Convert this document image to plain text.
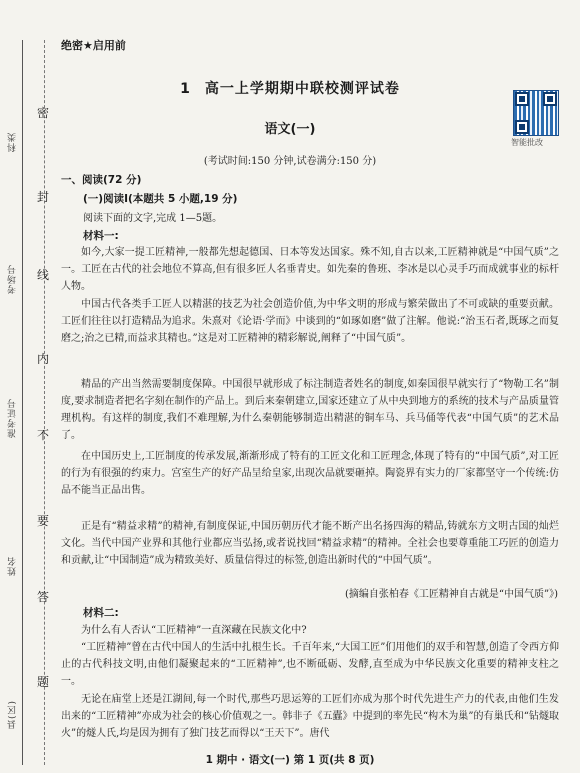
科类
考场号
准考证号
姓名
县(区)
密
封
线
内
不
要
答
题
绝密★启用前
1 高一上学期期中联校测评试卷
智能批改
语文(一)
(考试时间:150 分钟,试卷满分:150 分)
一、阅读(72 分)
(一)阅读Ⅰ(本题共 5 小题,19 分)
阅读下面的文字,完成 1—5题。
材料一:

如今,大家一提工匠精神,一般都先想起德国、日本等发达国家。殊不知,自古以来,工匠精神就是“中国气质”之一。工匠在古代的社会地位不算高,但有很多匠人名垂青史。如先秦的鲁班、李冰是以心灵手巧而成就事业的标杆人物。

中国古代各类手工匠人以精湛的技艺为社会创造价值,为中华文明的形成与繁荣做出了不可或缺的重要贡献。工匠们往往以打造精品为追求。朱熹对《论语·学而》中谈到的“如琢如磨”做了注解。他说:“治玉石者,既琢之而复磨之;治之已精,而益求其精也。”这是对工匠精神的精彩解说,阐释了“中国气质”。

精品的产出当然需要制度保障。中国很早就形成了标注制造者姓名的制度,如秦国很早就实行了“物勒工名”制度,要求制造者把名字刻在制作的产品上。到后来秦朝建立,国家还建立了从中央到地方的系统的技术与产品质量管理机构。有这样的制度,我们不难理解,为什么秦朝能够制造出精湛的铜车马、兵马俑等代表“中国气质”的艺术品了。

在中国历史上,工匠制度的传承发展,渐渐形成了特有的工匠文化和工匠理念,体现了特有的“中国气质”,对工匠的行为有很强的约束力。宫室生产的好产品呈给皇家,出现次品就要砸掉。陶瓷界有实力的厂家都坚守一个传统:仿品不能当正品出售。

正是有“精益求精”的精神,有制度保证,中国历朝历代才能不断产出名扬四海的精品,铸就东方文明古国的灿烂文化。当代中国产业界和其他行业都应当弘扬,或者说找回“精益求精”的精神。全社会也要尊重能工巧匠的创造力和贡献,让“中国制造”成为精致美好、质量信得过的标签,创造出新时代的“中国气质”。

(摘编自张柏春《工匠精神自古就是“中国气质”》)
材料二:

为什么有人否认“工匠精神”一直深藏在民族文化中?

“工匠精神”曾在古代中国人的生活中扎根生长。千百年来,“大国工匠”们用他们的双手和智慧,创造了令西方仰止的古代科技文明,由他们凝聚起来的“工匠精神”,也不断砥砺、发酵,直至成为中华民族文化重要的精神支柱之一。

无论在庙堂上还是江湖间,每一个时代,那些巧思运筹的工匠们亦成为那个时代先进生产力的代表,由他们生发出来的“工匠精神”亦成为社会的核心价值观之一。韩非子《五蠹》中提到的率先民“构木为巢”的有巢氏和“钻燧取火”的燧人氏,均是因为拥有了独门技艺而得以“王天下”。唐代

1 期中 · 语文(一) 第 1 页(共 8 页)
